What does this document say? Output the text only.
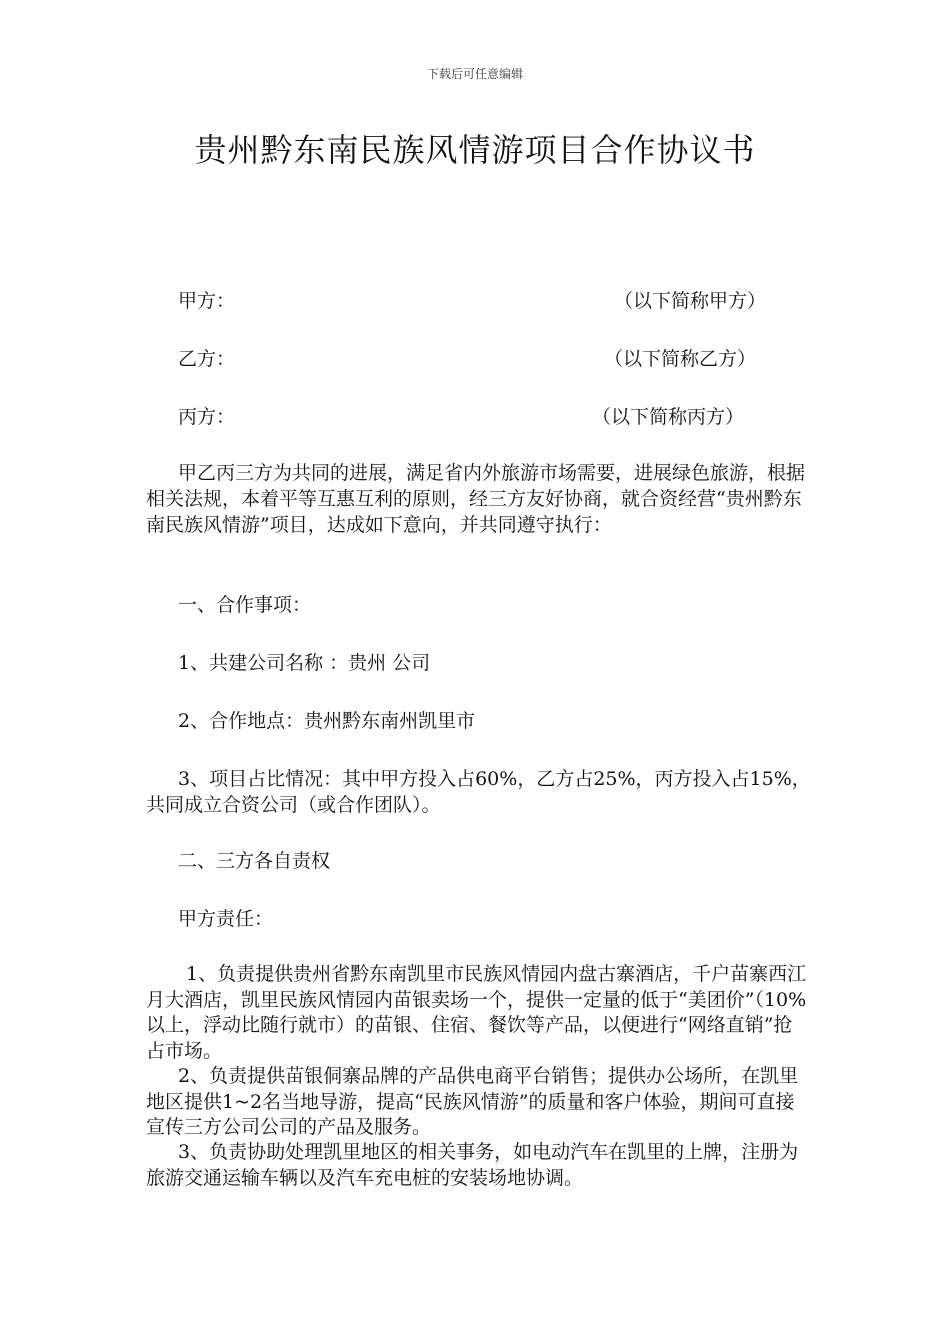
下载后可任意编辑
贵州黔东南民族风情游项目合作协议书
甲方：	（以下简称甲方）
乙方：	（以下简称乙方）
丙方：	（以下简称丙方）
甲乙丙三方为共同的进展，满足省内外旅游市场需要，进展绿色旅游，根据相关法规，本着平等互惠互利的原则，经三方友好协商，就合资经营“贵州黔东南民族风情游”项目，达成如下意向，并共同遵守执行：
一、合作事项：
1、共建公司名称 ：贵州 公司
2、合作地点：贵州黔东南州凯里市
3、项目占比情况：其中甲方投入占60%，乙方占25%，丙方投入占15%，共同成立合资公司（或合作团队）。
二、三方各自责权
甲方责任：
1、负责提供贵州省黔东南凯里市民族风情园内盘古寨酒店，千户苗寨西江月大酒店，凯里民族风情园内苗银卖场一个，提供一定量的低于“美团价”（10%以上，浮动比随行就市）的苗银、住宿、餐饮等产品，以便进行“网络直销”抢占市场。
2、负责提供苗银侗寨品牌的产品供电商平台销售；提供办公场所，在凯里地区提供1~2名当地导游，提高“民族风情游”的质量和客户体验，期间可直接宣传三方公司公司的产品及服务。
3、负责协助处理凯里地区的相关事务，如电动汽车在凯里的上牌，注册为旅游交通运输车辆以及汽车充电桩的安装场地协调。
